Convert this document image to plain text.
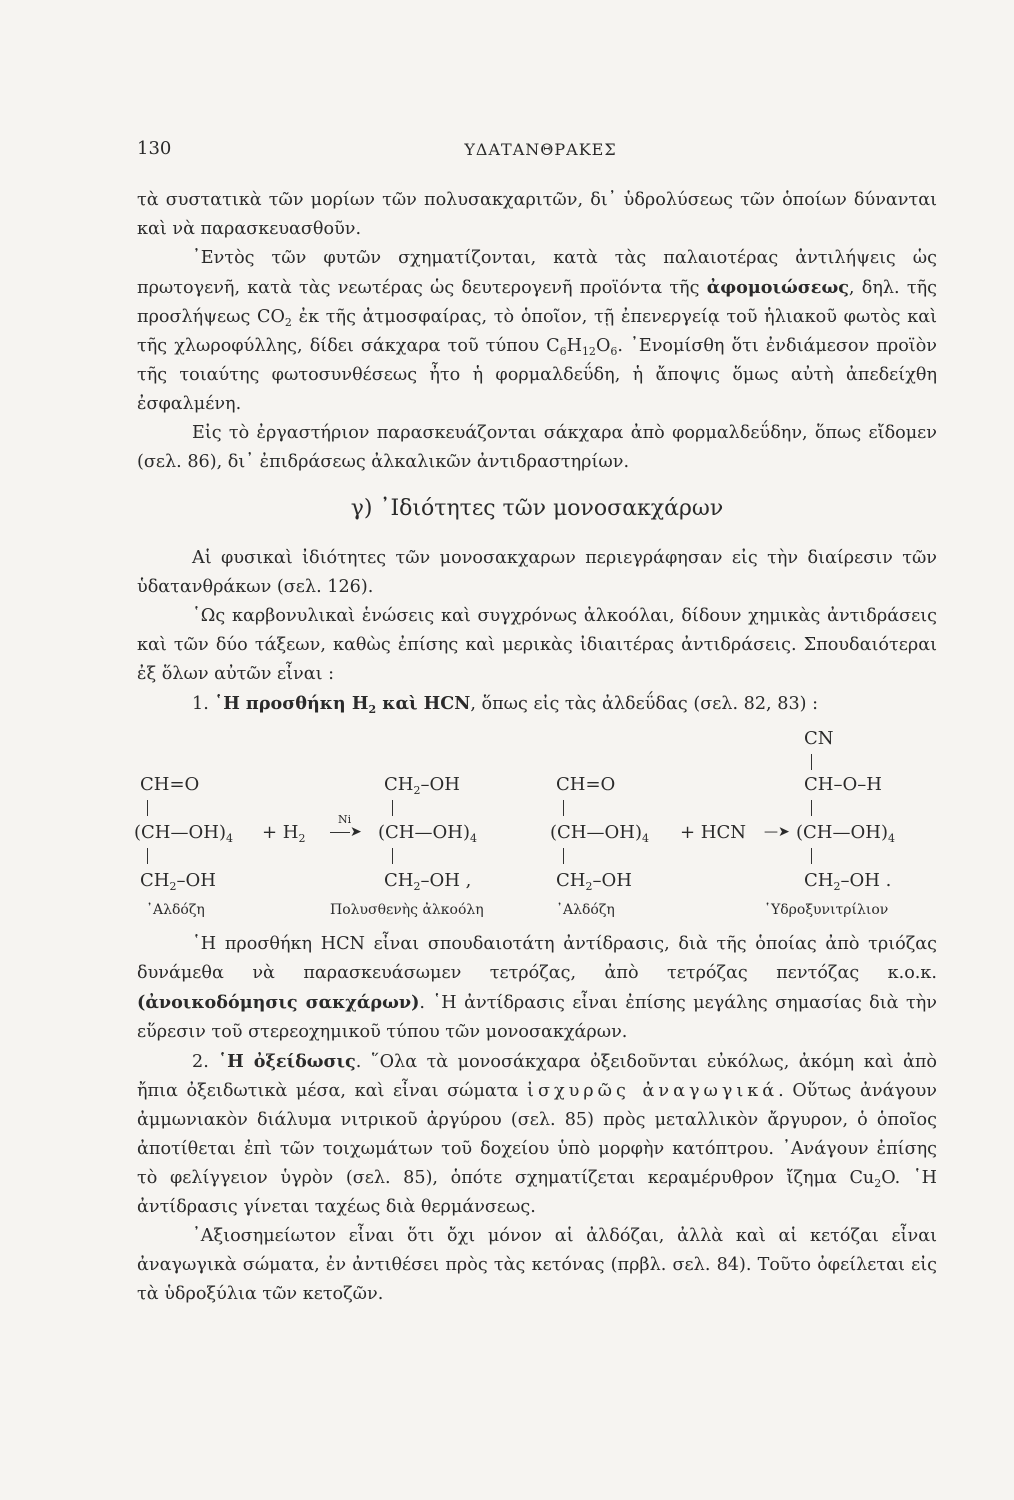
130	ΥΔΑΤΑΝΘΡΑΚΕΣ

τὰ συστατικὰ τῶν μορίων τῶν πολυσακχαριτῶν, δι᾿ ὑδρολύσεως τῶν ὁποίων δύνανται καὶ νὰ παρασκευασθοῦν.

᾿Εντὸς τῶν φυτῶν σχηματίζονται, κατὰ τὰς παλαιοτέρας ἀντιλήψεις ὡς πρωτογενῆ, κατὰ τὰς νεωτέρας ὡς δευτερογενῆ προϊόντα τῆς ἀφομοιώσεως, δηλ. τῆς προσλήψεως $CO_2$ ἐκ τῆς ἀτμοσφαίρας, τὸ ὁποῖον, τῇ ἐπενεργείᾳ τοῦ ἡλιακοῦ φωτὸς καὶ τῆς χλωροφύλλης, δίδει σάκχαρα τοῦ τύπου $C_6H_{12}O_6$. ᾿Ενομίσθη ὅτι ἐνδιάμεσον προϊὸν τῆς τοιαύτης φωτοσυνθέσεως ἦτο ἡ φορμαλδεΰδη, ἡ ἄποψις ὅμως αὐτὴ ἀπεδείχθη ἐσφαλμένη.

Εἰς τὸ ἐργαστήριον παρασκευάζονται σάκχαρα ἀπὸ φορμαλδεΰδην, ὅπως εἴδομεν (σελ. 86), δι᾿ ἐπιδράσεως ἀλκαλικῶν ἀντιδραστηρίων.

γ) ᾿Ιδιότητες τῶν μονοσακχάρων

Αἱ φυσικαὶ ἰδιότητες τῶν μονοσακχαρων περιεγράφησαν εἰς τὴν διαίρεσιν τῶν ὑδατανθράκων (σελ. 126).

῾Ως καρβονυλικαὶ ἑνώσεις καὶ συγχρόνως ἀλκοόλαι, δίδουν χημικὰς ἀντιδράσεις καὶ τῶν δύο τάξεων, καθὼς ἐπίσης καὶ μερικὰς ἰδιαιτέρας ἀντιδράσεις. Σπουδαιότεραι ἐξ ὅλων αὐτῶν εἶναι :

1. ῾Η προσθήκη $H_2$ καὶ HCN, ὅπως εἰς τὰς ἀλδεΰδας (σελ. 82, 83) :

CH=O
$(CH—OH)_4$
$CH_2-OH$
+ $H_2$
Ni
➤
$CH_2-OH$
$(CH—OH)_4$
$CH_2-OH$ ,
᾿Αλδόζη	Πολυσθενὴς ἀλκοόλη
CH=O
$(CH—OH)_4$
$CH_2-OH$
+ HCN —➤
CN
CH–O–H
$(CH—OH)_4$
$CH_2-OH$ .
᾿Αλδόζη	῾Υδροξυνιτρίλιον

῾Η προσθήκη HCN εἶναι σπουδαιοτάτη ἀντίδρασις, διὰ τῆς ὁποίας ἀπὸ τριόζας δυνάμεθα νὰ παρασκευάσωμεν τετρόζας, ἀπὸ τετρόζας πεντόζας κ.ο.κ. (ἀνοικοδόμησις σακχάρων). ῾Η ἀντίδρασις εἶναι ἐπίσης μεγάλης σημασίας διὰ τὴν εὕρεσιν τοῦ στερεοχημικοῦ τύπου τῶν μονοσακχάρων.

2. ῾Η ὀξείδωσις. ῞Ολα τὰ μονοσάκχαρα ὀξειδοῦνται εὐκόλως, ἀκόμη καὶ ἀπὸ ἤπια ὀξειδωτικὰ μέσα, καὶ εἶναι σώματα ἰσχυρῶς ἀναγωγικά. Οὕτως ἀνάγουν ἀμμωνιακὸν διάλυμα νιτρικοῦ ἀργύρου (σελ. 85) πρὸς μεταλλικὸν ἄργυρον, ὁ ὁποῖος ἀποτίθεται ἐπὶ τῶν τοιχωμάτων τοῦ δοχείου ὑπὸ μορφὴν κατόπτρου. ᾿Ανάγουν ἐπίσης τὸ φελίγγειον ὑγρὸν (σελ. 85), ὁπότε σχηματίζεται κεραμέρυθρον ἴζημα $Cu_2O$. ῾Η ἀντίδρασις γίνεται ταχέως διὰ θερμάνσεως.

᾿Αξιοσημείωτον εἶναι ὅτι ὄχι μόνον αἱ ἀλδόζαι, ἀλλὰ καὶ αἱ κετόζαι εἶναι ἀναγωγικὰ σώματα, ἐν ἀντιθέσει πρὸς τὰς κετόνας (πρβλ. σελ. 84). Τοῦτο ὀφείλεται εἰς τὰ ὑδροξύλια τῶν κετοζῶν.
